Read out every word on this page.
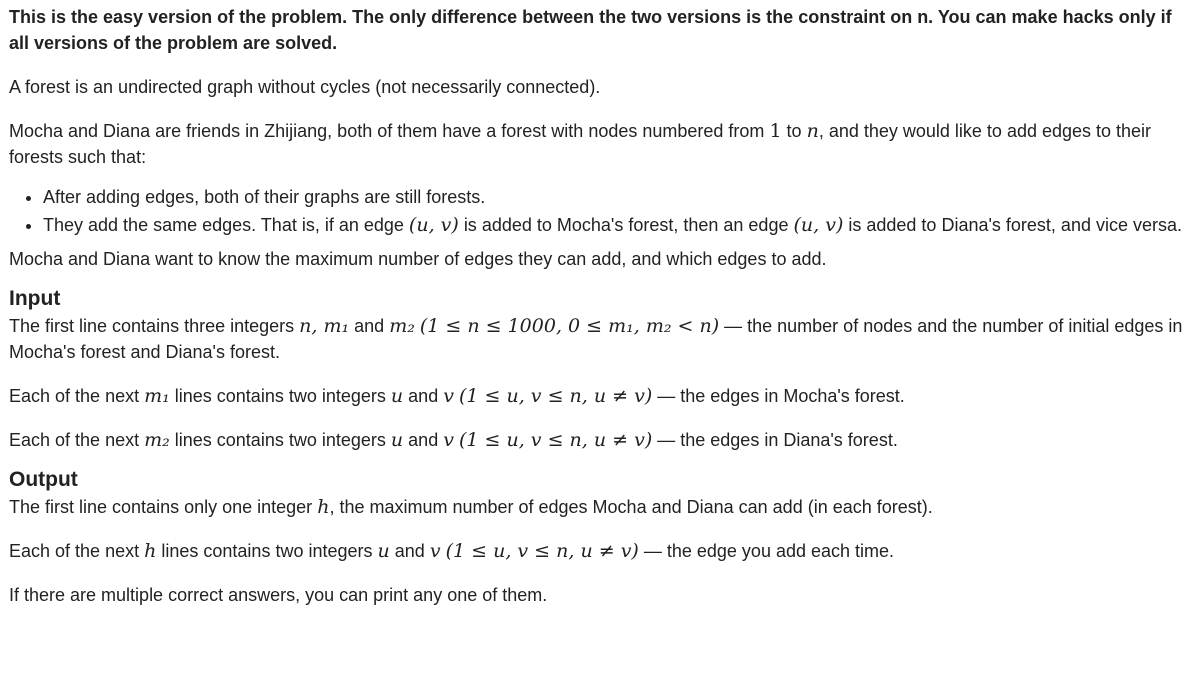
This is the easy version of the problem. The only difference between the two versions is the constraint on n. You can make hacks only if all versions of the problem are solved.

A forest is an undirected graph without cycles (not necessarily connected).

Mocha and Diana are friends in Zhijiang, both of them have a forest with nodes numbered from 1 to n, and they would like to add edges to their forests such that:

• After adding edges, both of their graphs are still forests.
• They add the same edges. That is, if an edge (u, v) is added to Mocha's forest, then an edge (u, v) is added to Diana's forest, and vice versa.

Mocha and Diana want to know the maximum number of edges they can add, and which edges to add.

Input

The first line contains three integers n, m₁ and m₂ (1 ≤ n ≤ 1000, 0 ≤ m₁, m₂ < n) — the number of nodes and the number of initial edges in Mocha's forest and Diana's forest.

Each of the next m₁ lines contains two integers u and v (1 ≤ u, v ≤ n, u ≠ v) — the edges in Mocha's forest.

Each of the next m₂ lines contains two integers u and v (1 ≤ u, v ≤ n, u ≠ v) — the edges in Diana's forest.

Output

The first line contains only one integer h, the maximum number of edges Mocha and Diana can add (in each forest).

Each of the next h lines contains two integers u and v (1 ≤ u, v ≤ n, u ≠ v) — the edge you add each time.

If there are multiple correct answers, you can print any one of them.
